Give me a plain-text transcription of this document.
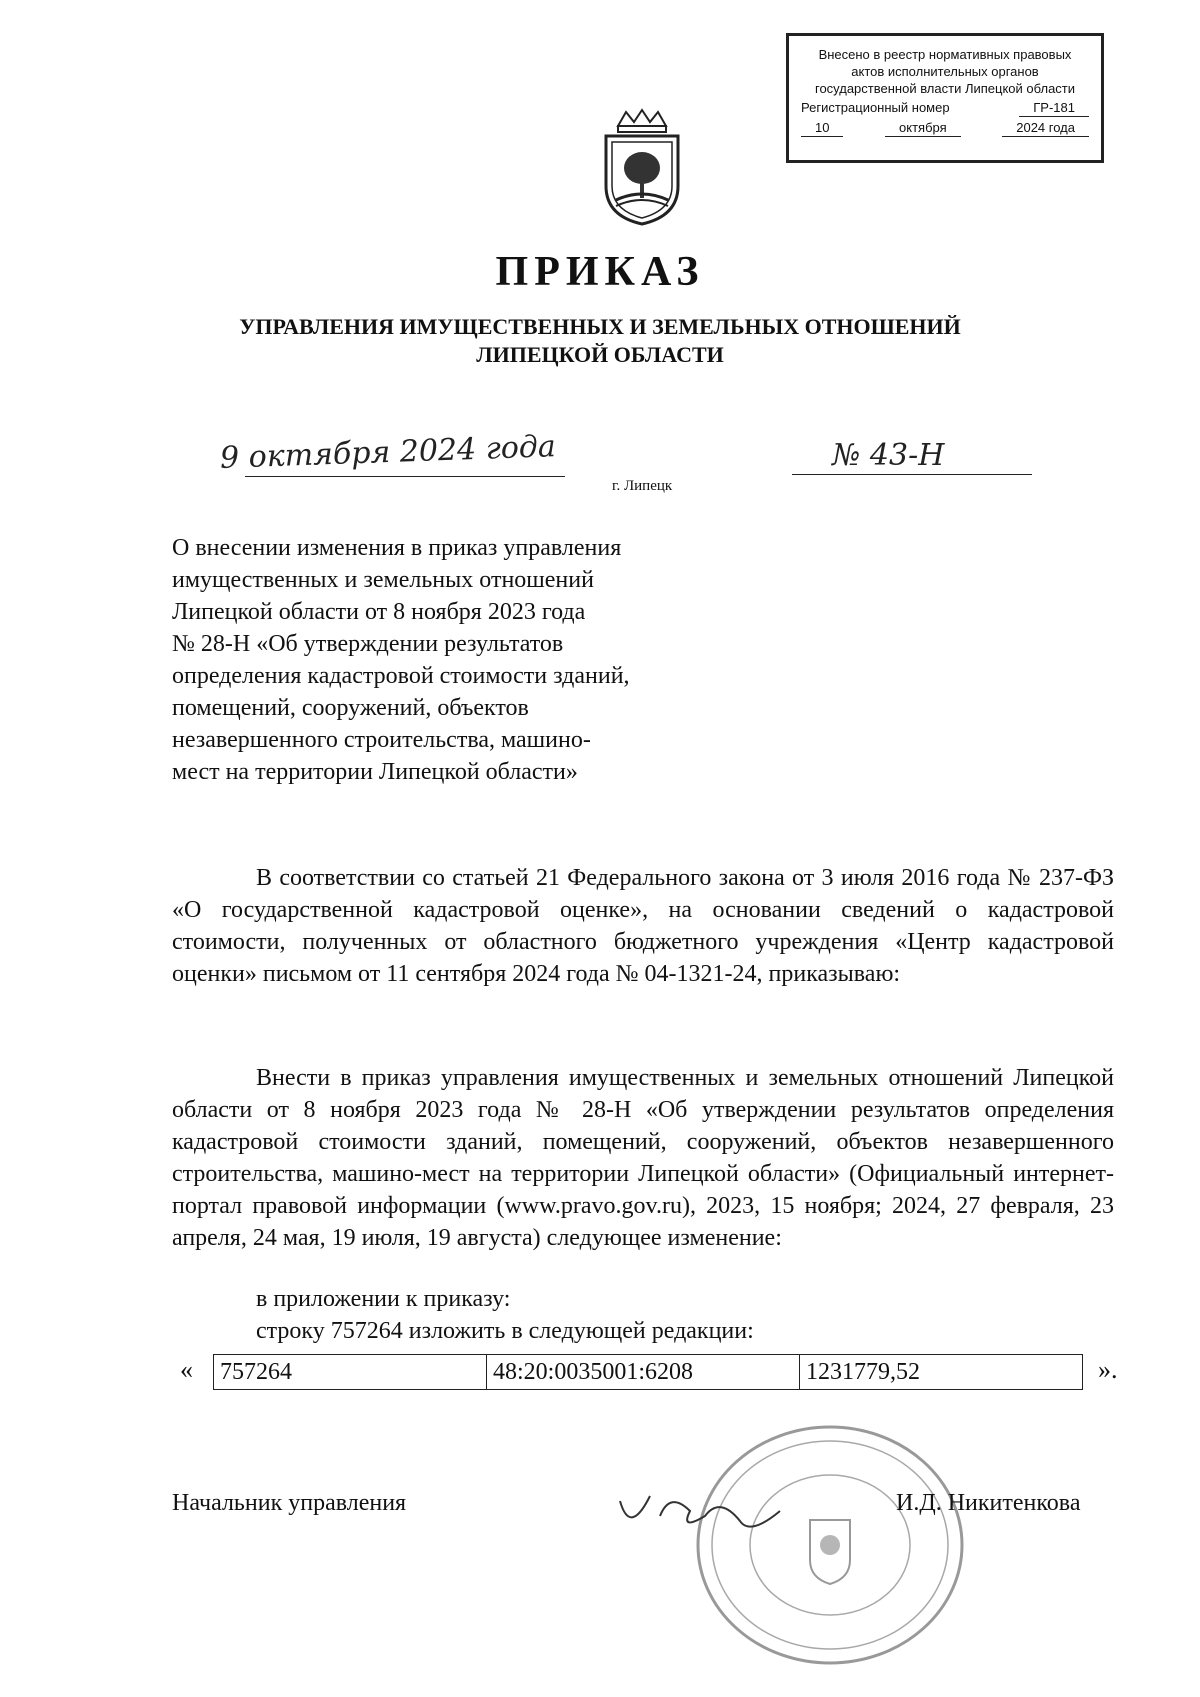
Внесено в реестр нормативных правовых
актов исполнительных органов
государственной власти Липецкой области
Регистрационный номер	ГР-181
10	октября	2024 года
ПРИКАЗ
УПРАВЛЕНИЯ ИМУЩЕСТВЕННЫХ И ЗЕМЕЛЬНЫХ ОТНОШЕНИЙ
ЛИПЕЦКОЙ ОБЛАСТИ
9 октября 2024 года	№ 43-Н
г. Липецк
О внесении изменения в приказ управления
имущественных и земельных отношений
Липецкой области от 8 ноября 2023 года
№ 28-Н «Об утверждении результатов
определения кадастровой стоимости зданий,
помещений, сооружений, объектов
незавершенного строительства, машино-
мест на территории Липецкой области»
В соответствии со статьей 21 Федерального закона от 3 июля 2016 года № 237-ФЗ «О государственной кадастровой оценке», на основании сведений о кадастровой стоимости, полученных от областного бюджетного учреждения «Центр кадастровой оценки» письмом от 11 сентября 2024 года № 04-1321-24, приказываю:
Внести в приказ управления имущественных и земельных отношений Липецкой области от 8 ноября 2023 года № 28-Н «Об утверждении результатов определения кадастровой стоимости зданий, помещений, сооружений, объектов незавершенного строительства, машино-мест на территории Липецкой области» (Официальный интернет-портал правовой информации (www.pravo.gov.ru), 2023, 15 ноября; 2024, 27 февраля, 23 апреля, 24 мая, 19 июля, 19 августа) следующее изменение:
в приложении к приказу:
строку 757264 изложить в следующей редакции:
« 757264	48:20:0035001:6208	1231779,52	».
Начальник управления	И.Д. Никитенкова
